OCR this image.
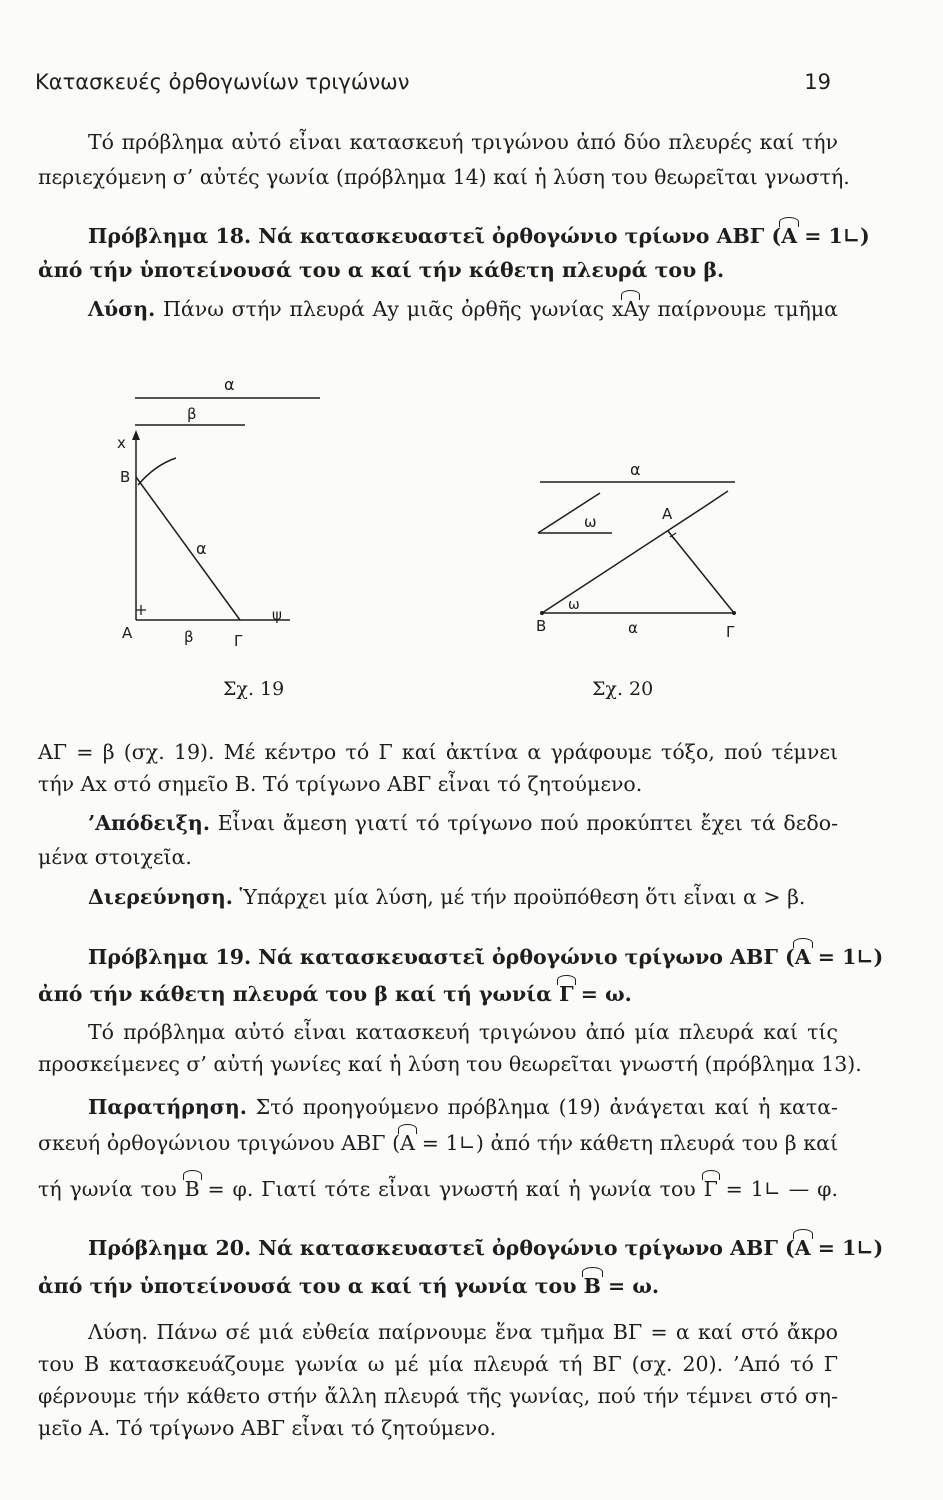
Κατασκευές ὀρθογωνίων τριγώνων	19
Τό πρόβλημα αὐτό εἶναι κατασκευή τριγώνου ἀπό δύο πλευρές καί τήν
περιεχόμενη σ’ αὐτές γωνία (πρόβλημα 14) καί ἡ λύση του θεωρεῖται γνωστή.
Πρόβλημα 18. Νά κατασκευαστεῖ ὀρθογώνιο τρίωνο ΑΒΓ (Α = 1∟)
ἀπό τήν ὑποτείνουσά του α καί τήν κάθετη πλευρά του β.
Λύση. Πάνω στήν πλευρά Αy μιᾶς ὀρθῆς γωνίας xAy παίρνουμε τμῆμα
α
β
x
ψ
B
α
A	β	Γ
Σχ. 19
α
ω	A
ω
B	α	Γ
Σχ. 20
ΑΓ = β (σχ. 19). Μέ κέντρο τό Γ καί ἀκτίνα α γράφουμε τόξο, πού τέμνει
τήν Αx στό σημεῖο Β. Τό τρίγωνο ΑΒΓ εἶναι τό ζητούμενο.
’Απόδειξη. Εἶναι ἄμεση γιατί τό τρίγωνο πού προκύπτει ἔχει τά δεδο-
μένα στοιχεῖα.
Διερεύνηση. Ὑπάρχει μία λύση, μέ τήν προϋπόθεση ὅτι εἶναι α > β.
Πρόβλημα 19. Νά κατασκευαστεῖ ὀρθογώνιο τρίγωνο ΑΒΓ (Α = 1∟)
ἀπό τήν κάθετη πλευρά του β καί τή γωνία Γ = ω.
Τό πρόβλημα αὐτό εἶναι κατασκευή τριγώνου ἀπό μία πλευρά καί τίς
προσκείμενες σ’ αὐτή γωνίες καί ἡ λύση του θεωρεῖται γνωστή (πρόβλημα 13).
Παρατήρηση. Στό προηγούμενο πρόβλημα (19) ἀνάγεται καί ἡ κατα-
σκευή ὀρθογώνιου τριγώνου ΑΒΓ (Α = 1∟) ἀπό τήν κάθετη πλευρά του β καί
τή γωνία του Β = φ. Γιατί τότε εἶναι γνωστή καί ἡ γωνία του Γ = 1∟ — φ.
Πρόβλημα 20. Νά κατασκευαστεῖ ὀρθογώνιο τρίγωνο ΑΒΓ (Α = 1∟)
ἀπό τήν ὑποτείνουσά του α καί τή γωνία του Β = ω.
Λύση. Πάνω σέ μιά εὐθεία παίρνουμε ἕνα τμῆμα ΒΓ = α καί στό ἄκρο
του Β κατασκευάζουμε γωνία ω μέ μία πλευρά τή ΒΓ (σχ. 20). ’Από τό Γ
φέρνουμε τήν κάθετο στήν ἄλλη πλευρά τῆς γωνίας, πού τήν τέμνει στό ση-
μεῖο Α. Τό τρίγωνο ΑΒΓ εἶναι τό ζητούμενο.
